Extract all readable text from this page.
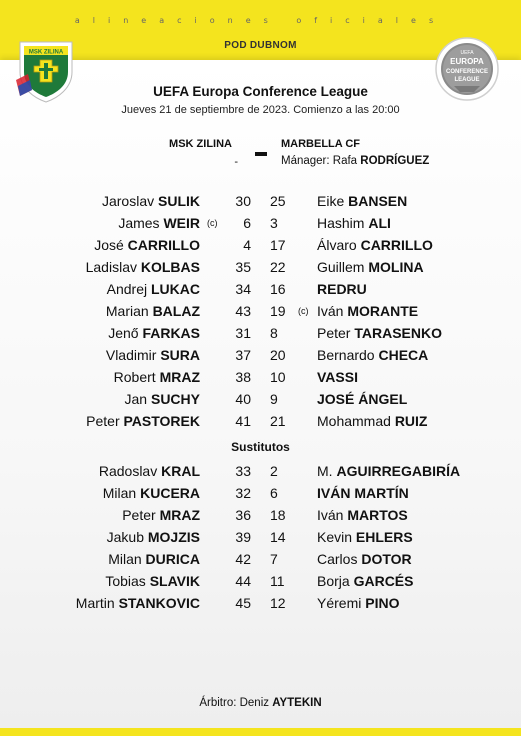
alineaciones oficiales
POD DUBNOM
MSK ZILINA	UEFA
EUROPA
CONFERENCE
LEAGUE
UEFA Europa Conference League
Jueves 21 de septiembre de 2023. Comienzo a las 20:00
MSK ZILINA
-
MARBELLA CF
Mánager: Rafa RODRÍGUEZ
Jaroslav SULIK	30 25 Eike BANSEN
James WEIR (c) 6 3	Hashim ALI
José CARRILLO	4 17 Álvaro CARRILLO
Ladislav KOLBAS	35 22 Guillem MOLINA
Andrej LUKAC	34 16 REDRU
Marian BALAZ	43 19 (c) Iván MORANTE
Jenő FARKAS	31 8	Peter TARASENKO
Vladimir SURA	37 20 Bernardo CHECA
Robert MRAZ	38 10 VASSI
Jan SUCHY	40 9	JOSÉ ÁNGEL
Peter PASTOREK	41 21 Mohammad RUIZ
Sustitutos
Radoslav KRAL	33 2	M. AGUIRREGABIRÍA
Milan KUCERA	32 6	IVÁN MARTÍN
Peter MRAZ	36 18 Iván MARTOS
Jakub MOJZIS	39 14 Kevin EHLERS
Milan DURICA	42 7	Carlos DOTOR
Tobias SLAVIK	44 11 Borja GARCÉS
Martin STANKOVIC	45 12 Yéremi PINO
Árbitro: Deniz AYTEKIN
